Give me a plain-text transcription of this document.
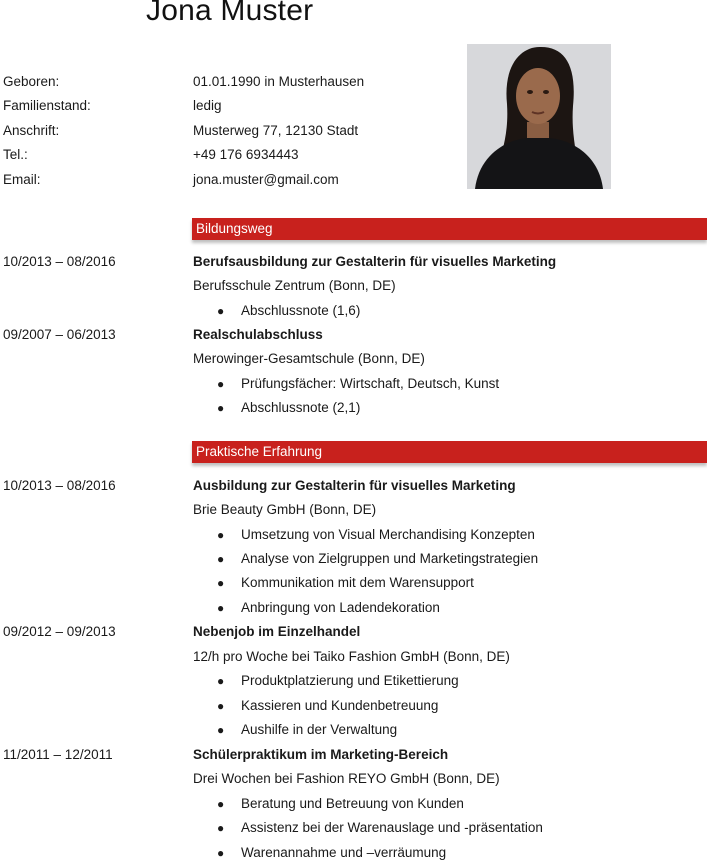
Jona Muster
Geboren:	01.01.1990 in Musterhausen
Familienstand:	ledig
Anschrift:	Musterweg 77, 12130 Stadt
Tel.:	+49 176 6934443
Email:	jona.muster@gmail.com
Bildungsweg
10/2013 – 08/2016	Berufsausbildung zur Gestalterin für visuelles Marketing
Berufsschule Zentrum (Bonn, DE)
● Abschlussnote (1,6)
09/2007 – 06/2013	Realschulabschluss
Merowinger-Gesamtschule (Bonn, DE)
● Prüfungsfächer: Wirtschaft, Deutsch, Kunst
● Abschlussnote (2,1)
Praktische Erfahrung
10/2013 – 08/2016	Ausbildung zur Gestalterin für visuelles Marketing
Brie Beauty GmbH (Bonn, DE)
● Umsetzung von Visual Merchandising Konzepten
● Analyse von Zielgruppen und Marketingstrategien
● Kommunikation mit dem Warensupport
● Anbringung von Ladendekoration
09/2012 – 09/2013	Nebenjob im Einzelhandel
12/h pro Woche bei Taiko Fashion GmbH (Bonn, DE)
● Produktplatzierung und Etikettierung
● Kassieren und Kundenbetreuung
● Aushilfe in der Verwaltung
11/2011 – 12/2011	Schülerpraktikum im Marketing-Bereich
Drei Wochen bei Fashion REYO GmbH (Bonn, DE)
● Beratung und Betreuung von Kunden
● Assistenz bei der Warenauslage und -präsentation
● Warenannahme und –verräumung
